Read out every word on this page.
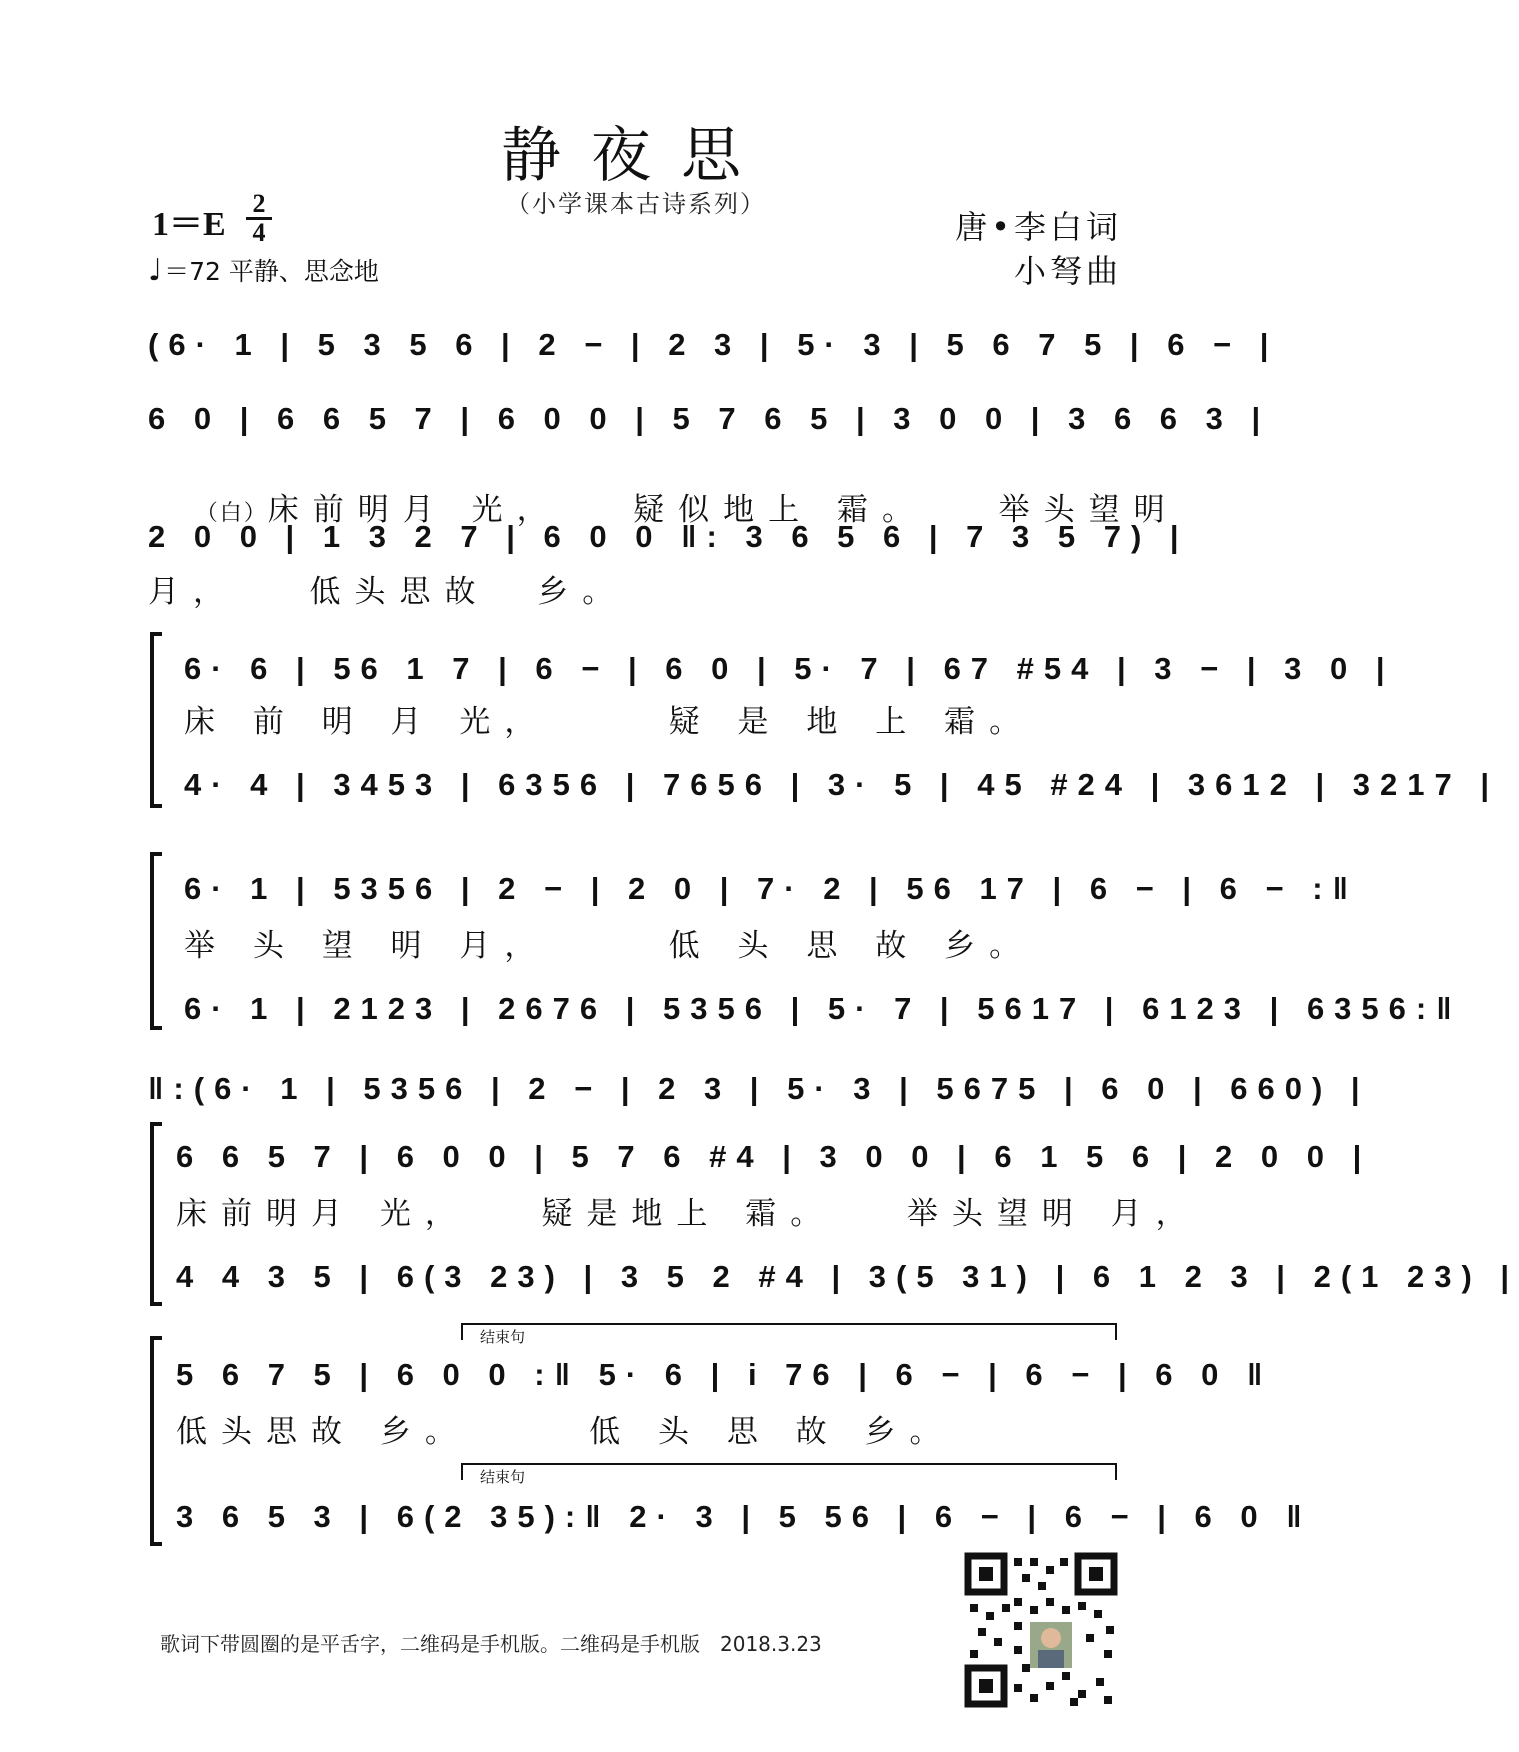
静夜思
（小学课本古诗系列）
1＝E
2
4
♩＝72 平静、思念地
唐•李白词
小弩曲
(6· 1 | 5 3 5 6 | 2 − | 2 3 | 5· 3 | 5 6 7 5 | 6 − |
6 0 | 6 6 5 7 | 6 0 0 | 5 7 6 5 | 3 0 0 | 3 6 6 3 |

（白）床前明月 光，   疑似地上 霜。   举头望明

2 0 0 | 1 3 2 7 | 6 0 0 ‖: 3 6 5 6 | 7 3 5 7) |
月，   低头思故  乡。
6· 6 | 56 1 7 | 6 − | 6 0 | 5· 7 | 67 #54 | 3 − | 3 0 |
床 前 明 月 光，     疑 是 地 上 霜。
4· 4 | 3453 | 6356 | 7656 | 3· 5 | 45 #24 | 3612 | 3217 |
6· 1 | 5356 | 2 − | 2 0 | 7· 2 | 56 17 | 6 − | 6 − :‖
举 头 望 明 月，     低 头 思 故 乡。
6· 1 | 2123 | 2676 | 5356 | 5· 7 | 5617 | 6123 | 6356:‖
‖:(6· 1 | 5356 | 2 − | 2 3 | 5· 3 | 5675 | 6 0 | 660) |
6 6 5 7 | 6 0 0 | 5 7 6 #4 | 3 0 0 | 6 1 5 6 | 2 0 0 |
床前明月 光，   疑是地上 霜。   举头望明 月，
4 4 3 5 | 6(3 23) | 3 5 2 #4 | 3(5 31) | 6 1 2 3 | 2(1 23) |
结束句
5 6 7 5 | 6 0 0 :‖ 5· 6 | i 76 | 6 − | 6 − | 6 0 ‖
低头思故 乡。     低 头 思 故 乡。
结束句
3 6 5 3 | 6(2 35):‖ 2· 3 | 5 56 | 6 − | 6 − | 6 0 ‖
歌词下带圆圈的是平舌字，二维码是手机版。二维码是手机版　2018.3.23
